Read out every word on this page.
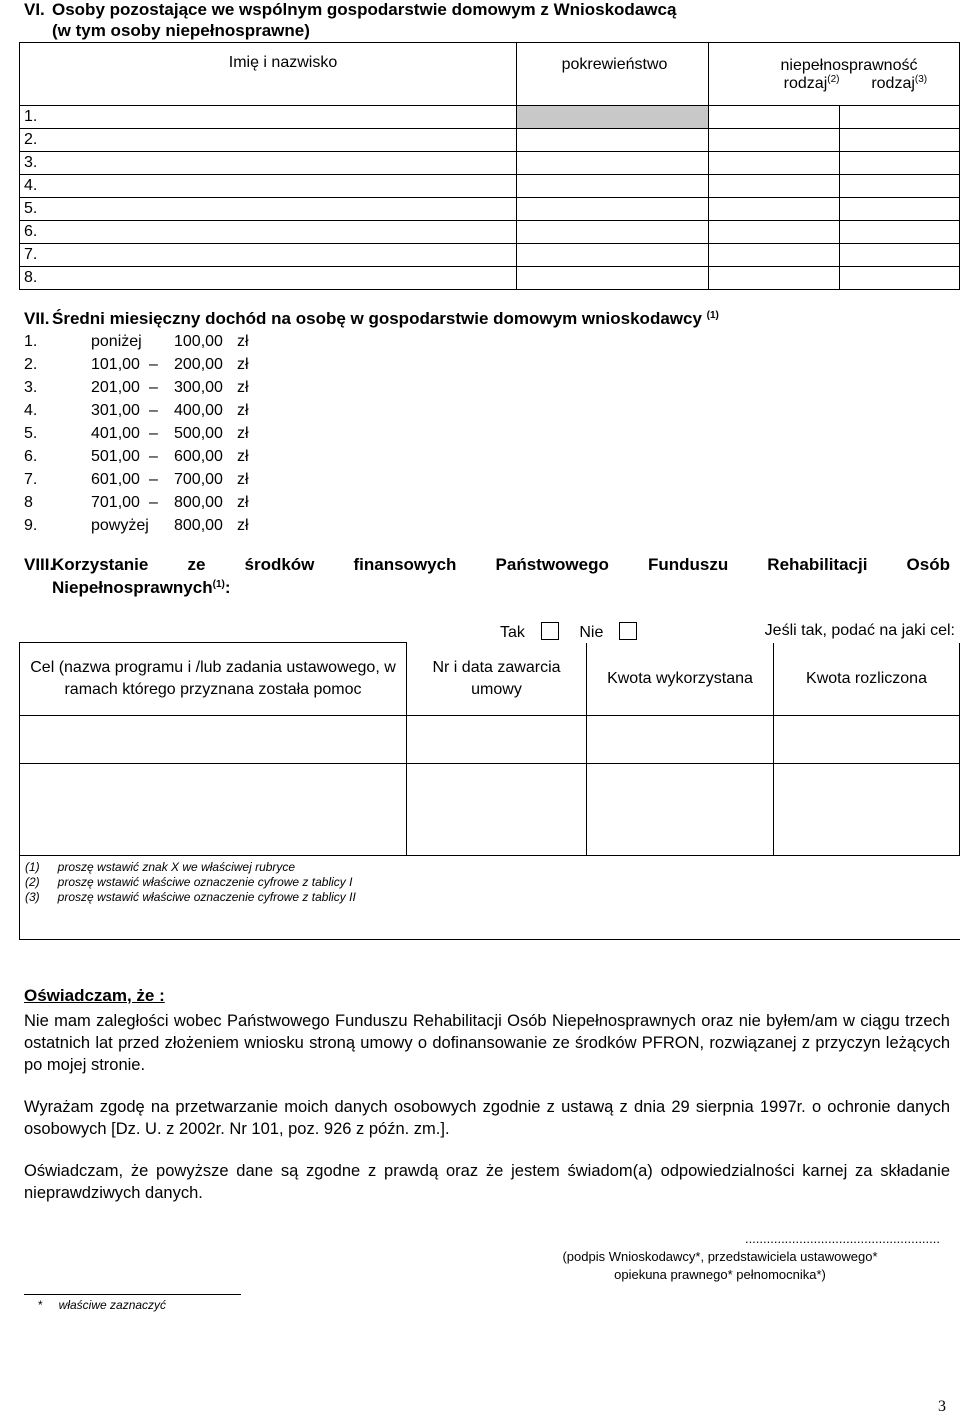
VI. Osoby pozostające we wspólnym gospodarstwie domowym z Wnioskodawcą
(w tym osoby niepełnosprawne)
Imię i nazwisko	pokrewieństwo	niepełnosprawność
rodzaj$^{(2)}$ rodzaj$^{(3)}$

1.			
2.			
3.			
4.			
5.			
6.			
7.			
8.			
VII. Średni miesięczny dochód na osobę w gospodarstwie domowym wnioskodawcy $^{(1)}$
1.	poniżej 100,00 zł
2.	101,00 – 200,00 zł
3.	201,00 – 300,00 zł
4.	301,00 – 400,00 zł
5.	401,00 – 500,00 zł
6.	501,00 – 600,00 zł
7.	601,00 – 700,00 zł
8	701,00 – 800,00 zł
9.	powyżej 800,00 zł
VIII.
Korzystanie ze środków finansowych Państwowego Funduszu Rehabilitacji Osób
Niepełnosprawnych$^{(1)}$:
Tak	Nie	Jeśli tak, podać na jaki cel:
Cel (nazwa programu i /lub zadania ustawowego, w ramach którego przyznana została pomoc	Nr i data zawarcia umowy	Kwota wykorzystana	Kwota rozliczona

(1) proszę wstawić znak X we właściwej rubryce
(2) proszę wstawić właściwe oznaczenie cyfrowe z tablicy I
(3) proszę wstawić właściwe oznaczenie cyfrowe z tablicy II
Oświadczam, że :
Nie mam zaległości wobec Państwowego Funduszu Rehabilitacji Osób Niepełnosprawnych oraz nie byłem/am w ciągu trzech ostatnich lat przed złożeniem wniosku stroną umowy o dofinansowanie ze środków PFRON, rozwiązanej z przyczyn leżących po mojej stronie.
Wyrażam zgodę na przetwarzanie moich danych osobowych zgodnie z ustawą z dnia 29 sierpnia 1997r. o ochronie danych osobowych [Dz. U. z 2002r. Nr 101, poz. 926 z późn. zm.].
Oświadczam, że powyższe dane są zgodne z prawdą oraz że jestem świadom(a) odpowiedzialności karnej za składanie nieprawdziwych danych.
......................................................
(podpis Wnioskodawcy*, przedstawiciela ustawowego*
opiekuna prawnego* pełnomocnika*)
* właściwe zaznaczyć
3
